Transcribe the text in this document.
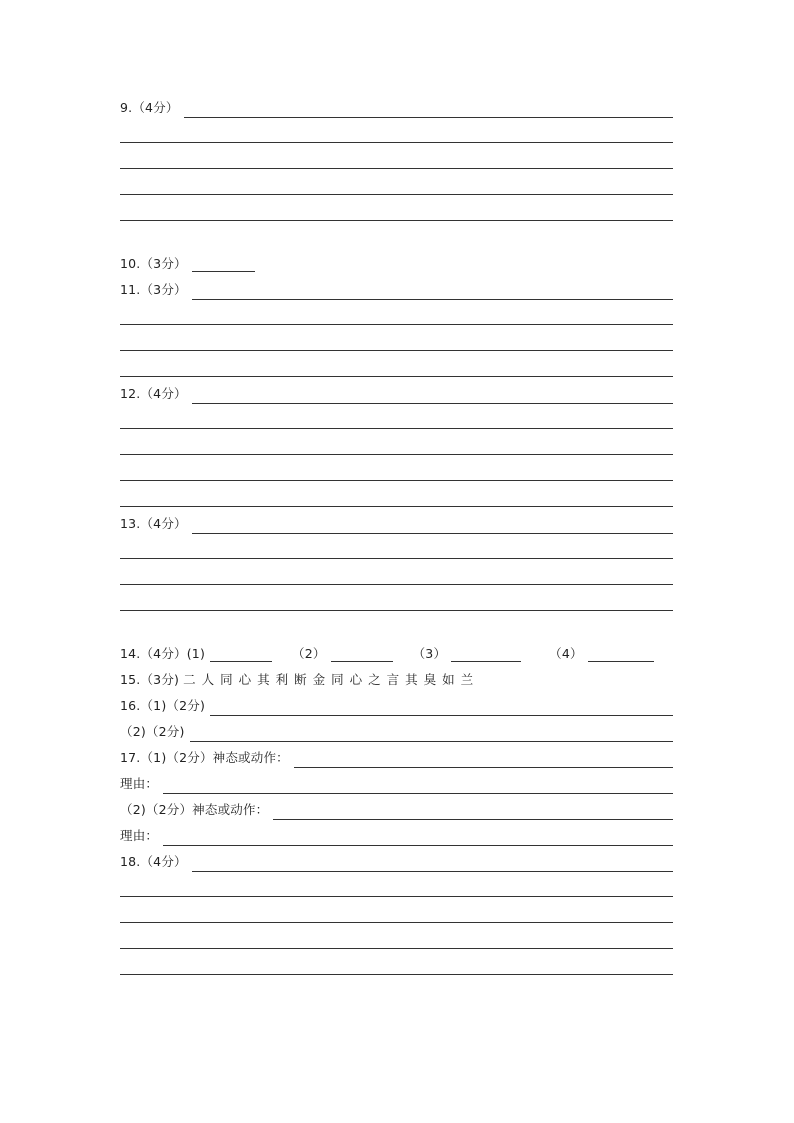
9.（4分）
10.（3分）
11.（3分）
12.（4分）
13.（4分）
14.（4分）(1)	（2）	（3）	（4）
15.（3分) 二人同心其利断金同心之言其臭如兰
16.（1)（2分)
（2)（2分)
17.（1)（2分）神态或动作：
理由：
（2)（2分）神态或动作：
理由：
18.（4分）
